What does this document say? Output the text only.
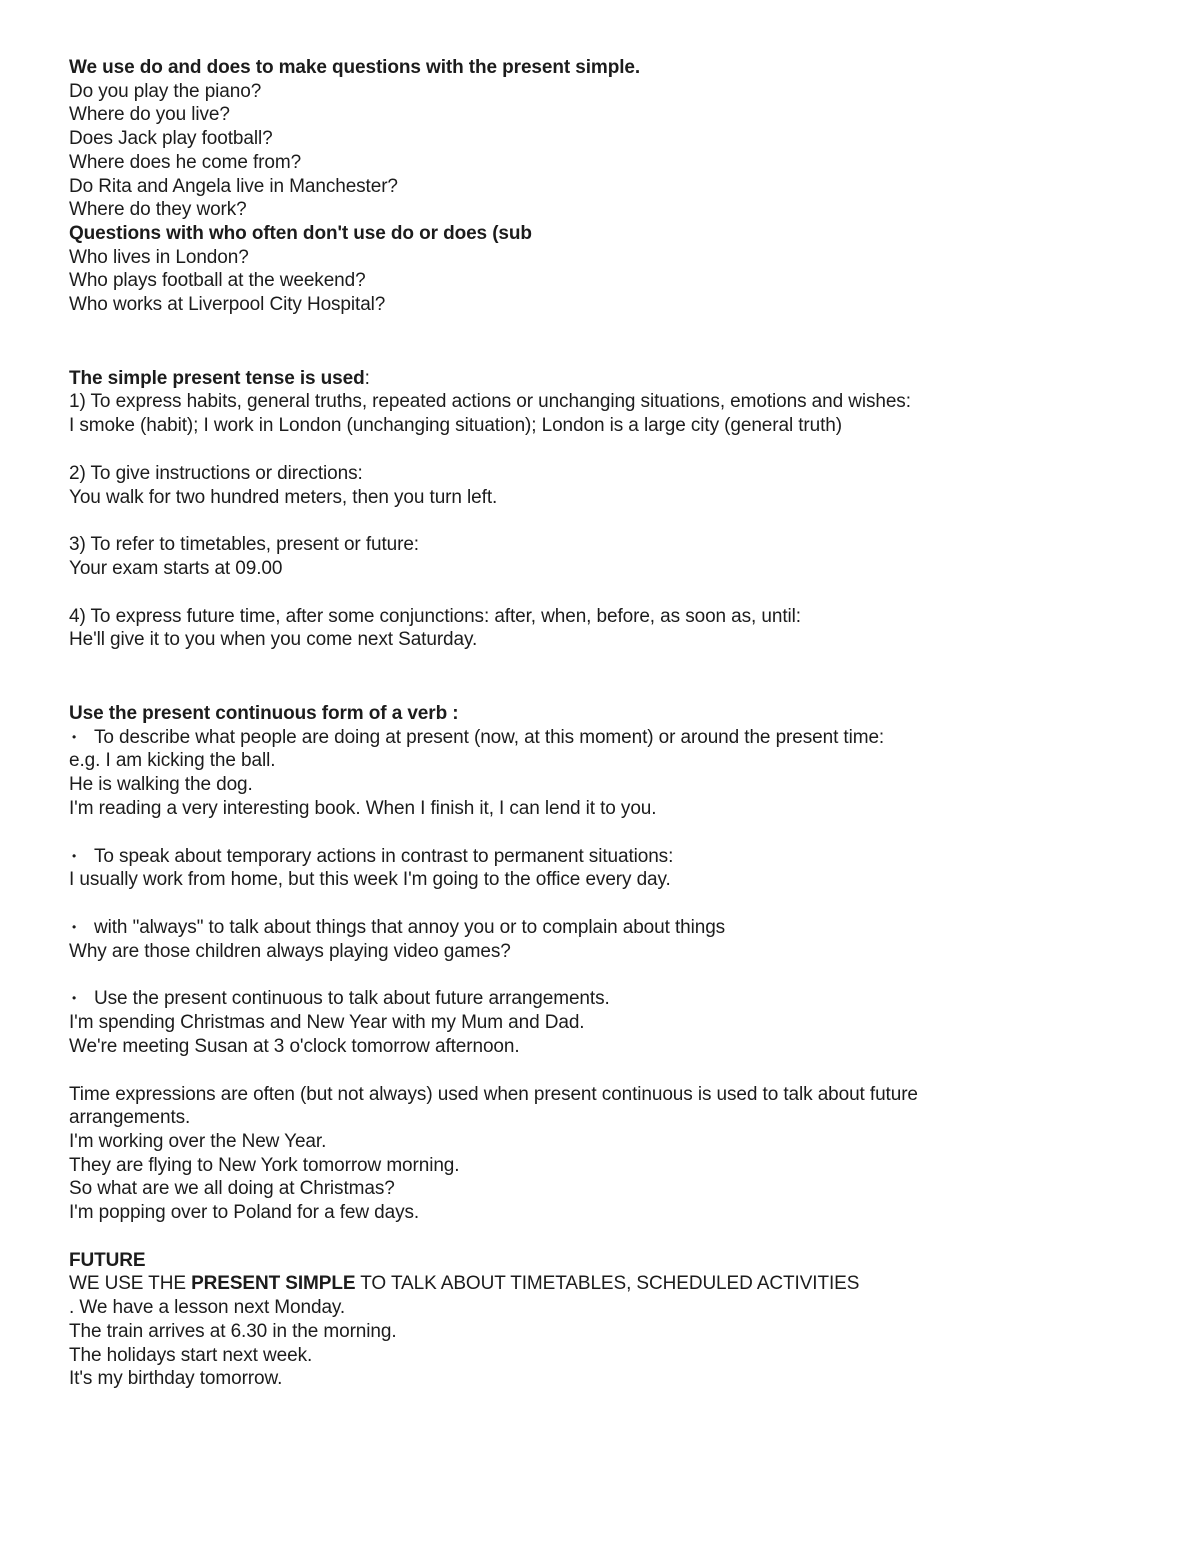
We use do and does to make questions with the present simple.
Do you play the piano?
Where do you live?
Does Jack play football?
Where does he come from?
Do Rita and Angela live in Manchester?
Where do they work?
Questions with who often don't use do or does (sub
Who lives in London?
Who plays football at the weekend?
Who works at Liverpool City Hospital?
The simple present tense is used:
1) To express habits, general truths, repeated actions or unchanging situations, emotions and wishes:
I smoke (habit); I work in London (unchanging situation); London is a large city (general truth)
2) To give instructions or directions:
You walk for two hundred meters, then you turn left.
3) To refer to timetables, present or future:
Your exam starts at 09.00
4) To express future time, after some conjunctions: after, when, before, as soon as, until:
He'll give it to you when you come next Saturday.
Use the present continuous form of a verb :
• To describe what people are doing at present (now, at this moment) or around the present time:
e.g. I am kicking the ball.
He is walking the dog.
I'm reading a very interesting book. When I finish it, I can lend it to you.
• To speak about temporary actions in contrast to permanent situations:
I usually work from home, but this week I'm going to the office every day.
• with "always" to talk about things that annoy you or to complain about things
Why are those children always playing video games?
• Use the present continuous to talk about future arrangements.
I'm spending Christmas and New Year with my Mum and Dad.
We're meeting Susan at 3 o'clock tomorrow afternoon.
Time expressions are often (but not always) used when present continuous is used to talk about future
arrangements.
I'm working over the New Year.
They are flying to New York tomorrow morning.
So what are we all doing at Christmas?
I'm popping over to Poland for a few days.
FUTURE
WE USE THE PRESENT SIMPLE TO TALK ABOUT TIMETABLES, SCHEDULED ACTIVITIES
. We have a lesson next Monday.
The train arrives at 6.30 in the morning.
The holidays start next week.
It's my birthday tomorrow.
